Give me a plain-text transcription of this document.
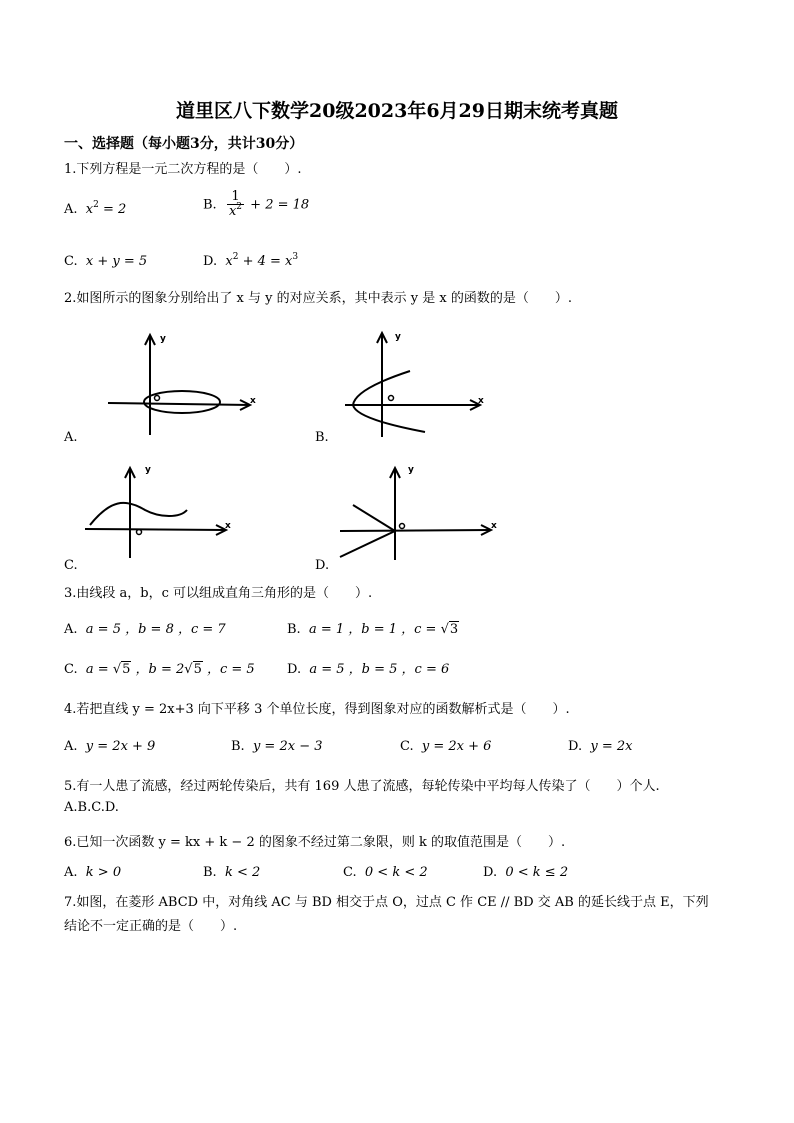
道里区八下数学20级2023年6月29日期末统考真题
一、选择题（每小题3分，共计30分）
1.下列方程是一元二次方程的是（　　）.
A. $x^2 = 2$	B. $\frac{1}{x^2} + 2 = 18$
C. x + y = 5	D. $x^2 + 4 = x^3$
2.如图所示的图象分别给出了 x 与 y 的对应关系，其中表示 y 是 x 的函数的是（　　）.
y
x
A.
y
x
B.
y
x
C.
y
x
D.
3.由线段 a，b，c 可以组成直角三角形的是（　　）.
A. a = 5 ，b = 8 ，c = 7	B. a = 1 ，b = 1 ，c = √3
C. a = √5 ，b = 2√5 ，c = 5 D. a = 5 ，b = 5 ，c = 6
4.若把直线 y = 2x+3 向下平移 3 个单位长度，得到图象对应的函数解析式是（　　）.
A. y = 2x + 9	B. y = 2x − 3	C. y = 2x + 6	D. y = 2x
5.有一人患了流感，经过两轮传染后，共有 169 人患了流感，每轮传染中平均每人传染了（　　）个人.
A.B.C.D.
6.已知一次函数 y = kx + k − 2 的图象不经过第二象限，则 k 的取值范围是（　　）.
A. k > 0	B. k < 2	C. 0 < k < 2	D. 0 < k ≤ 2
7.如图，在菱形 ABCD 中，对角线 AC 与 BD 相交于点 O，过点 C 作 CE // BD 交 AB 的延长线于点 E，下列
结论不一定正确的是（　　）.
